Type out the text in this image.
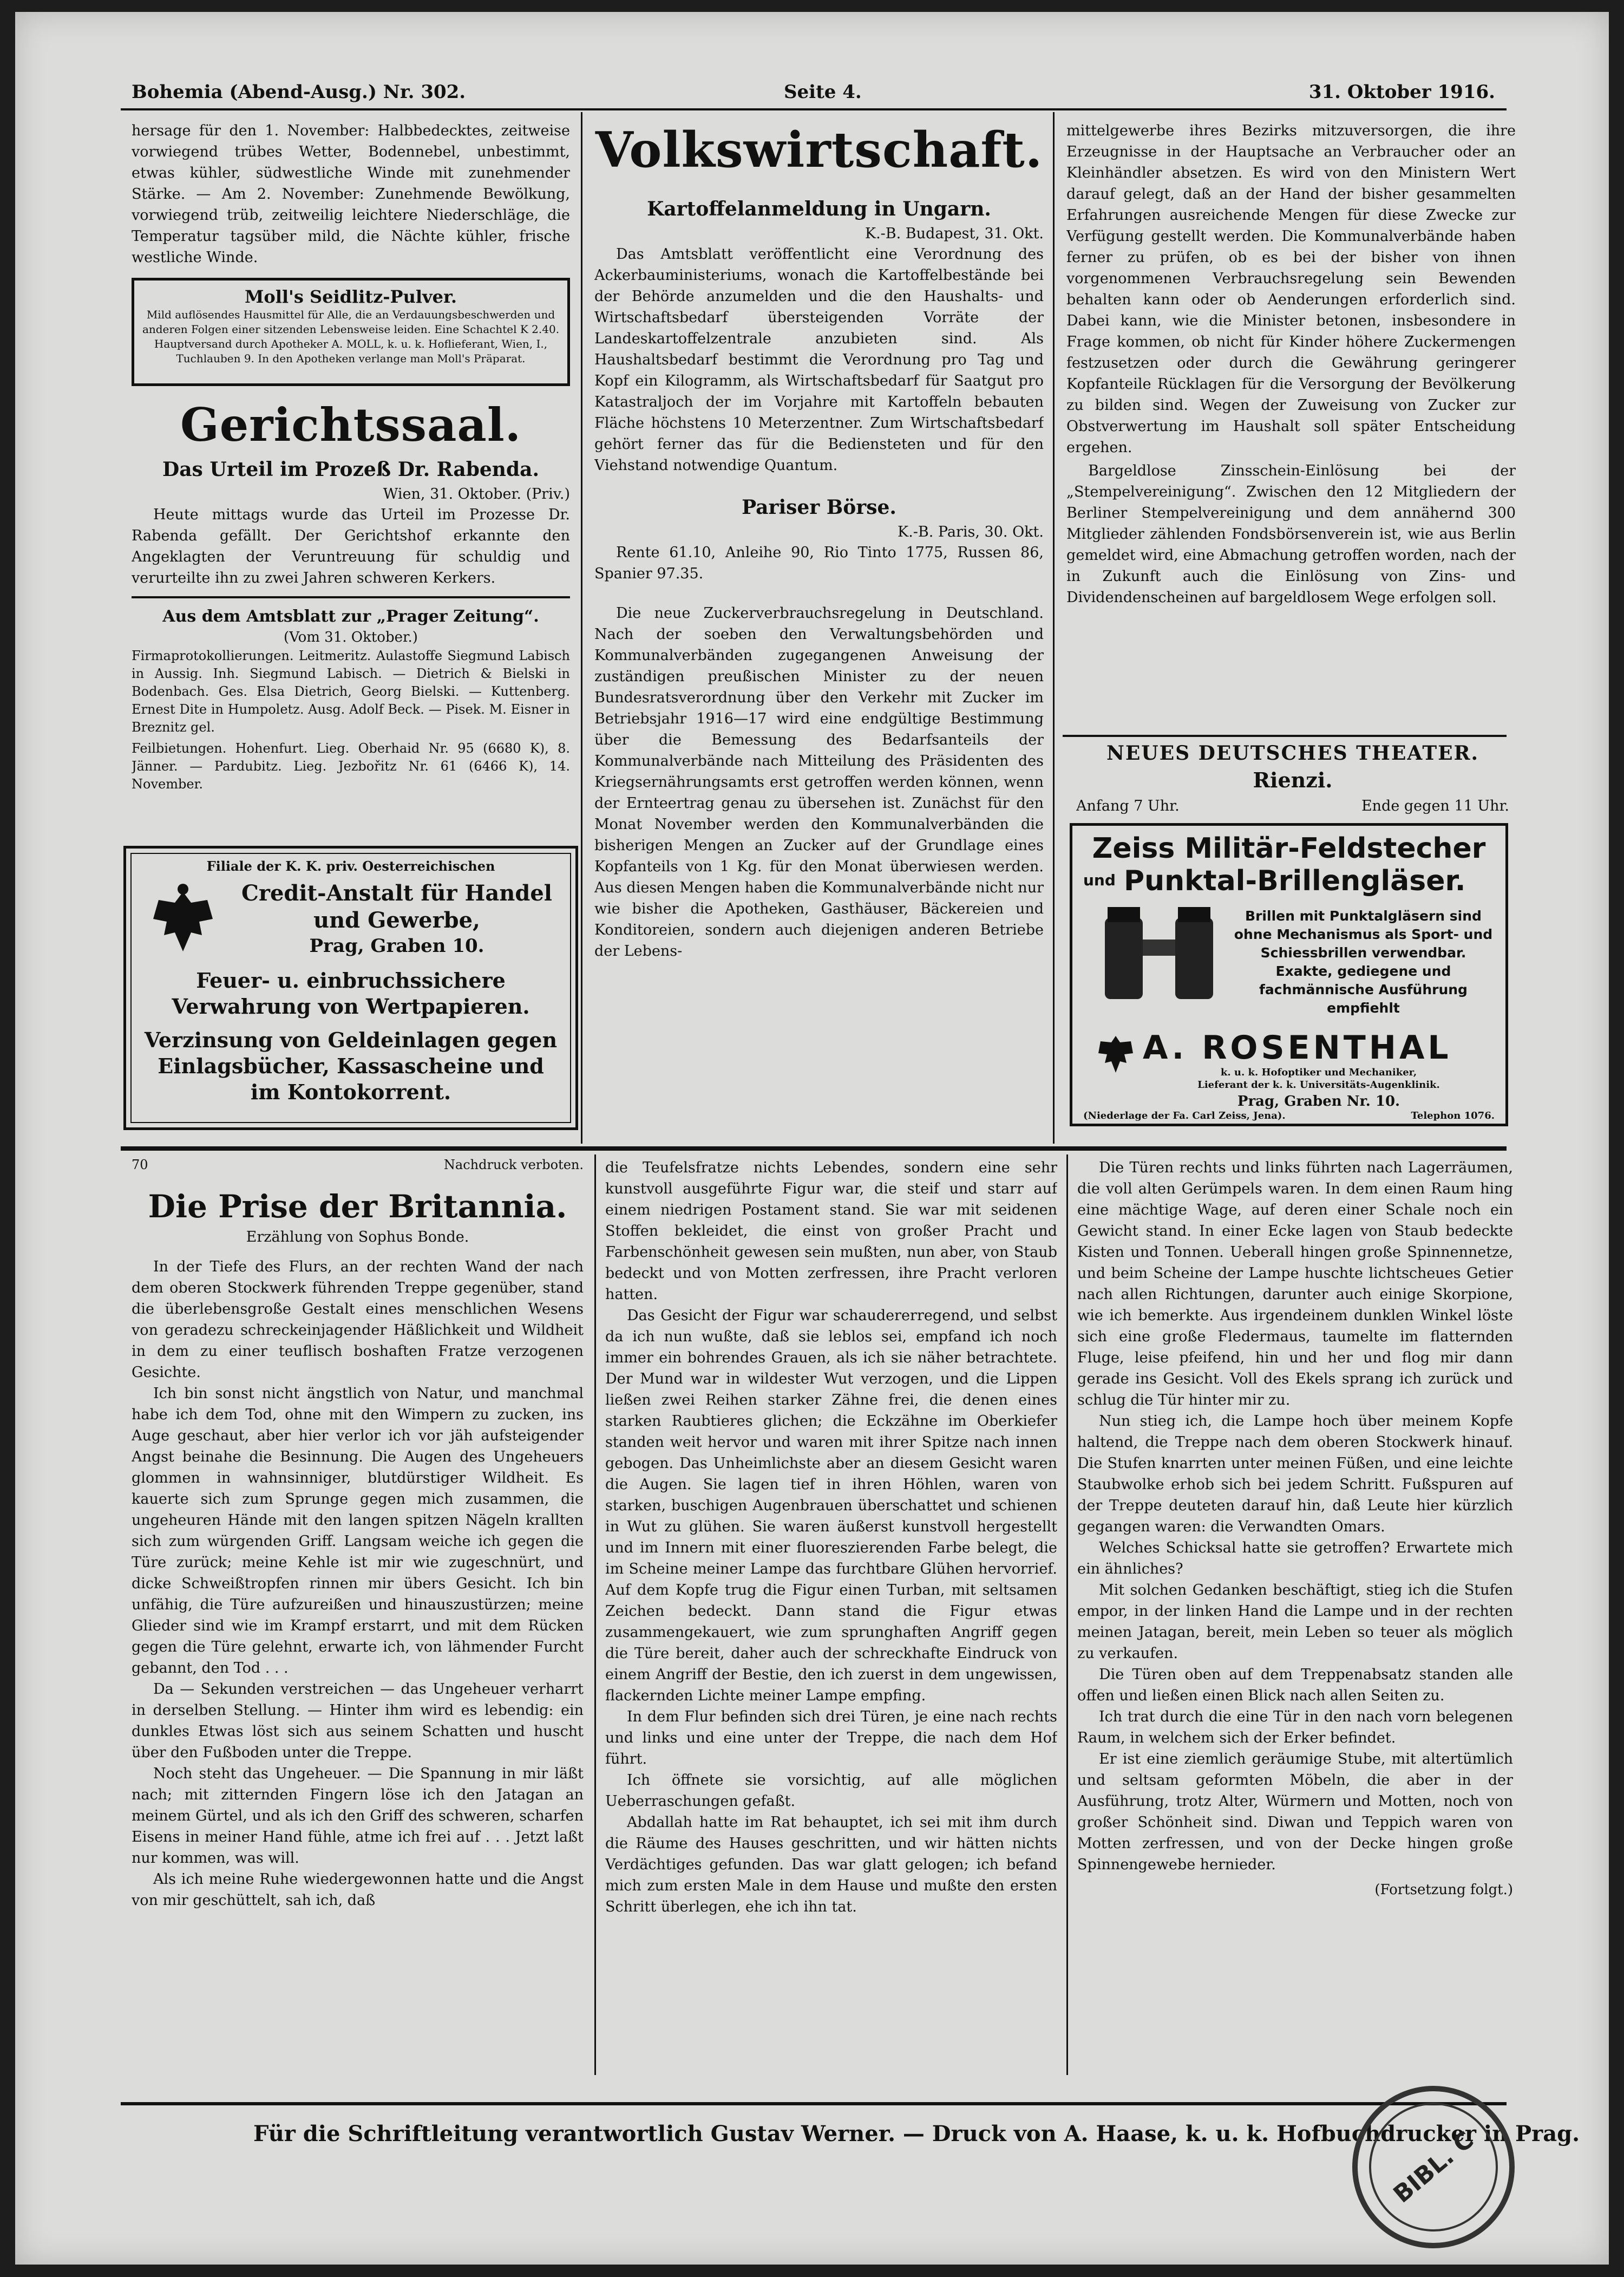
Bohemia (Abend-Ausg.) Nr. 302.	Seite 4.	31. Oktober 1916.

hersage für den 1. November: Halbbedecktes, zeitweise vorwiegend trübes Wetter, Bodennebel, unbestimmt, etwas kühler, südwestliche Winde mit zunehmender Stärke. — Am 2. November: Zunehmende Bewölkung, vorwiegend trüb, zeitweilig leichtere Niederschläge, die Temperatur tagsüber mild, die Nächte kühler, frische westliche Winde.

Moll's Seidlitz-Pulver.
Mild auflösendes Hausmittel für Alle, die an Verdauungsbeschwerden und anderen Folgen einer sitzenden Lebensweise leiden. Eine Schachtel K 2.40. Hauptversand durch Apotheker A. MOLL, k. u. k. Hoflieferant, Wien, I., Tuchlauben 9. In den Apotheken verlange man Moll's Präparat.
Gerichtssaal.
Das Urteil im Prozeß Dr. Rabenda.

Wien, 31. Oktober. (Priv.)

Heute mittags wurde das Urteil im Prozesse Dr. Rabenda gefällt. Der Gerichtshof erkannte den Angeklagten der Veruntreuung für schuldig und verurteilte ihn zu zwei Jahren schweren Kerkers.

Aus dem Amtsblatt zur „Prager Zeitung“.
(Vom 31. Oktober.)

Firmaprotokollierungen. Leitmeritz. Aulastoffe Siegmund Labisch in Aussig. Inh. Siegmund Labisch. — Dietrich & Bielski in Bodenbach. Ges. Elsa Dietrich, Georg Bielski. — Kuttenberg. Ernest Dite in Humpoletz. Ausg. Adolf Beck. — Pisek. M. Eisner in Breznitz gel.

Feilbietungen. Hohenfurt. Lieg. Oberhaid Nr. 95 (6680 K), 8. Jänner. — Pardubitz. Lieg. Jezbořitz Nr. 61 (6466 K), 14. November.

Filiale der K. K. priv. Oesterreichischen
Credit-Anstalt für Handel und Gewerbe,
Prag, Graben 10.
Feuer- u. einbruchssichere Verwahrung von Wertpapieren.
Verzinsung von Geldeinlagen gegen Einlagsbücher, Kassascheine und im Kontokorrent.
Volkswirtschaft.
Kartoffelanmeldung in Ungarn.

K.-B. Budapest, 31. Okt.

Das Amtsblatt veröffentlicht eine Verordnung des Ackerbauministeriums, wonach die Kartoffelbestände bei der Behörde anzumelden und die den Haushalts- und Wirtschaftsbedarf übersteigenden Vorräte der Landeskartoffelzentrale anzubieten sind. Als Haushaltsbedarf bestimmt die Verordnung pro Tag und Kopf ein Kilogramm, als Wirtschaftsbedarf für Saatgut pro Katastraljoch der im Vorjahre mit Kartoffeln bebauten Fläche höchstens 10 Meterzentner. Zum Wirtschaftsbedarf gehört ferner das für die Bediensteten und für den Viehstand notwendige Quantum.

Pariser Börse.

K.-B. Paris, 30. Okt.

Rente 61.10, Anleihe 90, Rio Tinto 1775, Russen 86, Spanier 97.35.

Die neue Zuckerverbrauchsregelung in Deutschland. Nach der soeben den Verwaltungsbehörden und Kommunalverbänden zugegangenen Anweisung der zuständigen preußischen Minister zu der neuen Bundesratsverordnung über den Verkehr mit Zucker im Betriebsjahr 1916—17 wird eine endgültige Bestimmung über die Bemessung des Bedarfsanteils der Kommunalverbände nach Mitteilung des Präsidenten des Kriegsernährungsamts erst getroffen werden können, wenn der Ernteertrag genau zu übersehen ist. Zunächst für den Monat November werden den Kommunalverbänden die bisherigen Mengen an Zucker auf der Grundlage eines Kopfanteils von 1 Kg. für den Monat überwiesen werden. Aus diesen Mengen haben die Kommunalverbände nicht nur wie bisher die Apotheken, Gasthäuser, Bäckereien und Konditoreien, sondern auch diejenigen anderen Betriebe der Lebens-

mittelgewerbe ihres Bezirks mitzuversorgen, die ihre Erzeugnisse in der Hauptsache an Verbraucher oder an Kleinhändler absetzen. Es wird von den Ministern Wert darauf gelegt, daß an der Hand der bisher gesammelten Erfahrungen ausreichende Mengen für diese Zwecke zur Verfügung gestellt werden. Die Kommunalverbände haben ferner zu prüfen, ob es bei der bisher von ihnen vorgenommenen Verbrauchsregelung sein Bewenden behalten kann oder ob Aenderungen erforderlich sind. Dabei kann, wie die Minister betonen, insbesondere in Frage kommen, ob nicht für Kinder höhere Zuckermengen festzusetzen oder durch die Gewährung geringerer Kopfanteile Rücklagen für die Versorgung der Bevölkerung zu bilden sind. Wegen der Zuweisung von Zucker zur Obstverwertung im Haushalt soll später Entscheidung ergehen.

Bargeldlose Zinsschein-Einlösung bei der „Stempelvereinigung“. Zwischen den 12 Mitgliedern der Berliner Stempelvereinigung und dem annähernd 300 Mitglieder zählenden Fondsbörsenverein ist, wie aus Berlin gemeldet wird, eine Abmachung getroffen worden, nach der in Zukunft auch die Einlösung von Zins- und Dividendenscheinen auf bargeldlosem Wege erfolgen soll.

NEUES DEUTSCHES THEATER.
Rienzi.
Anfang 7 Uhr.	Ende gegen 11 Uhr.
Zeiss Militär-Feldstecher
und Punktal-Brillengläser.
Brillen mit Punktalgläsern sind ohne Mechanismus als Sport- und Schiessbrillen verwendbar. Exakte, gediegene und fachmännische Ausführung empfiehlt
A. ROSENTHAL
k. u. k. Hofoptiker und Mechaniker,
Lieferant der k. k. Universitäts-Augenklinik.
Prag, Graben Nr. 10.
(Niederlage der Fa. Carl Zeiss, Jena).	Telephon 1076.
70	Nachdruck verboten.
Die Prise der Britannia.
Erzählung von Sophus Bonde.

In der Tiefe des Flurs, an der rechten Wand der nach dem oberen Stockwerk führenden Treppe gegenüber, stand die überlebensgroße Gestalt eines menschlichen Wesens von geradezu schreckeinjagender Häßlichkeit und Wildheit in dem zu einer teuflisch boshaften Fratze verzogenen Gesichte.

Ich bin sonst nicht ängstlich von Natur, und manchmal habe ich dem Tod, ohne mit den Wimpern zu zucken, ins Auge geschaut, aber hier verlor ich vor jäh aufsteigender Angst beinahe die Besinnung. Die Augen des Ungeheuers glommen in wahnsinniger, blutdürstiger Wildheit. Es kauerte sich zum Sprunge gegen mich zusammen, die ungeheuren Hände mit den langen spitzen Nägeln krallten sich zum würgenden Griff. Langsam weiche ich gegen die Türe zurück; meine Kehle ist mir wie zugeschnürt, und dicke Schweißtropfen rinnen mir übers Gesicht. Ich bin unfähig, die Türe aufzureißen und hinauszustürzen; meine Glieder sind wie im Krampf erstarrt, und mit dem Rücken gegen die Türe gelehnt, erwarte ich, von lähmender Furcht gebannt, den Tod . . .

Da — Sekunden verstreichen — das Ungeheuer verharrt in derselben Stellung. — Hinter ihm wird es lebendig: ein dunkles Etwas löst sich aus seinem Schatten und huscht über den Fußboden unter die Treppe.

Noch steht das Ungeheuer. — Die Spannung in mir läßt nach; mit zitternden Fingern löse ich den Jatagan an meinem Gürtel, und als ich den Griff des schweren, scharfen Eisens in meiner Hand fühle, atme ich frei auf . . . Jetzt laßt nur kommen, was will.

Als ich meine Ruhe wiedergewonnen hatte und die Angst von mir geschüttelt, sah ich, daß

die Teufelsfratze nichts Lebendes, sondern eine sehr kunstvoll ausgeführte Figur war, die steif und starr auf einem niedrigen Postament stand. Sie war mit seidenen Stoffen bekleidet, die einst von großer Pracht und Farbenschönheit gewesen sein mußten, nun aber, von Staub bedeckt und von Motten zerfressen, ihre Pracht verloren hatten.

Das Gesicht der Figur war schaudererregend, und selbst da ich nun wußte, daß sie leblos sei, empfand ich noch immer ein bohrendes Grauen, als ich sie näher betrachtete. Der Mund war in wildester Wut verzogen, und die Lippen ließen zwei Reihen starker Zähne frei, die denen eines starken Raubtieres glichen; die Eckzähne im Oberkiefer standen weit hervor und waren mit ihrer Spitze nach innen gebogen. Das Unheimlichste aber an diesem Gesicht waren die Augen. Sie lagen tief in ihren Höhlen, waren von starken, buschigen Augenbrauen überschattet und schienen in Wut zu glühen. Sie waren äußerst kunstvoll hergestellt und im Innern mit einer fluoreszierenden Farbe belegt, die im Scheine meiner Lampe das furchtbare Glühen hervorrief. Auf dem Kopfe trug die Figur einen Turban, mit seltsamen Zeichen bedeckt. Dann stand die Figur etwas zusammengekauert, wie zum sprunghaften Angriff gegen die Türe bereit, daher auch der schreckhafte Eindruck von einem Angriff der Bestie, den ich zuerst in dem ungewissen, flackernden Lichte meiner Lampe empfing.

In dem Flur befinden sich drei Türen, je eine nach rechts und links und eine unter der Treppe, die nach dem Hof führt.

Ich öffnete sie vorsichtig, auf alle möglichen Ueberraschungen gefaßt.

Abdallah hatte im Rat behauptet, ich sei mit ihm durch die Räume des Hauses geschritten, und wir hätten nichts Verdächtiges gefunden. Das war glatt gelogen; ich befand mich zum ersten Male in dem Hause und mußte den ersten Schritt überlegen, ehe ich ihn tat.

Die Türen rechts und links führten nach Lagerräumen, die voll alten Gerümpels waren. In dem einen Raum hing eine mächtige Wage, auf deren einer Schale noch ein Gewicht stand. In einer Ecke lagen von Staub bedeckte Kisten und Tonnen. Ueberall hingen große Spinnennetze, und beim Scheine der Lampe huschte lichtscheues Getier nach allen Richtungen, darunter auch einige Skorpione, wie ich bemerkte. Aus irgendeinem dunklen Winkel löste sich eine große Fledermaus, taumelte im flatternden Fluge, leise pfeifend, hin und her und flog mir dann gerade ins Gesicht. Voll des Ekels sprang ich zurück und schlug die Tür hinter mir zu.

Nun stieg ich, die Lampe hoch über meinem Kopfe haltend, die Treppe nach dem oberen Stockwerk hinauf. Die Stufen knarrten unter meinen Füßen, und eine leichte Staubwolke erhob sich bei jedem Schritt. Fußspuren auf der Treppe deuteten darauf hin, daß Leute hier kürzlich gegangen waren: die Verwandten Omars.

Welches Schicksal hatte sie getroffen? Erwartete mich ein ähnliches?

Mit solchen Gedanken beschäftigt, stieg ich die Stufen empor, in der linken Hand die Lampe und in der rechten meinen Jatagan, bereit, mein Leben so teuer als möglich zu verkaufen.

Die Türen oben auf dem Treppenabsatz standen alle offen und ließen einen Blick nach allen Seiten zu.

Ich trat durch die eine Tür in den nach vorn belegenen Raum, in welchem sich der Erker befindet.

Er ist eine ziemlich geräumige Stube, mit altertümlich und seltsam geformten Möbeln, die aber in der Ausführung, trotz Alter, Würmern und Motten, noch von großer Schönheit sind. Diwan und Teppich waren von Motten zerfressen, und von der Decke hingen große Spinnengewebe hernieder.

(Fortsetzung folgt.)
Für die Schriftleitung verantwortlich Gustav Werner. — Druck von A. Haase, k. u. k. Hofbuchdrucker in Prag.
BIBL. C
